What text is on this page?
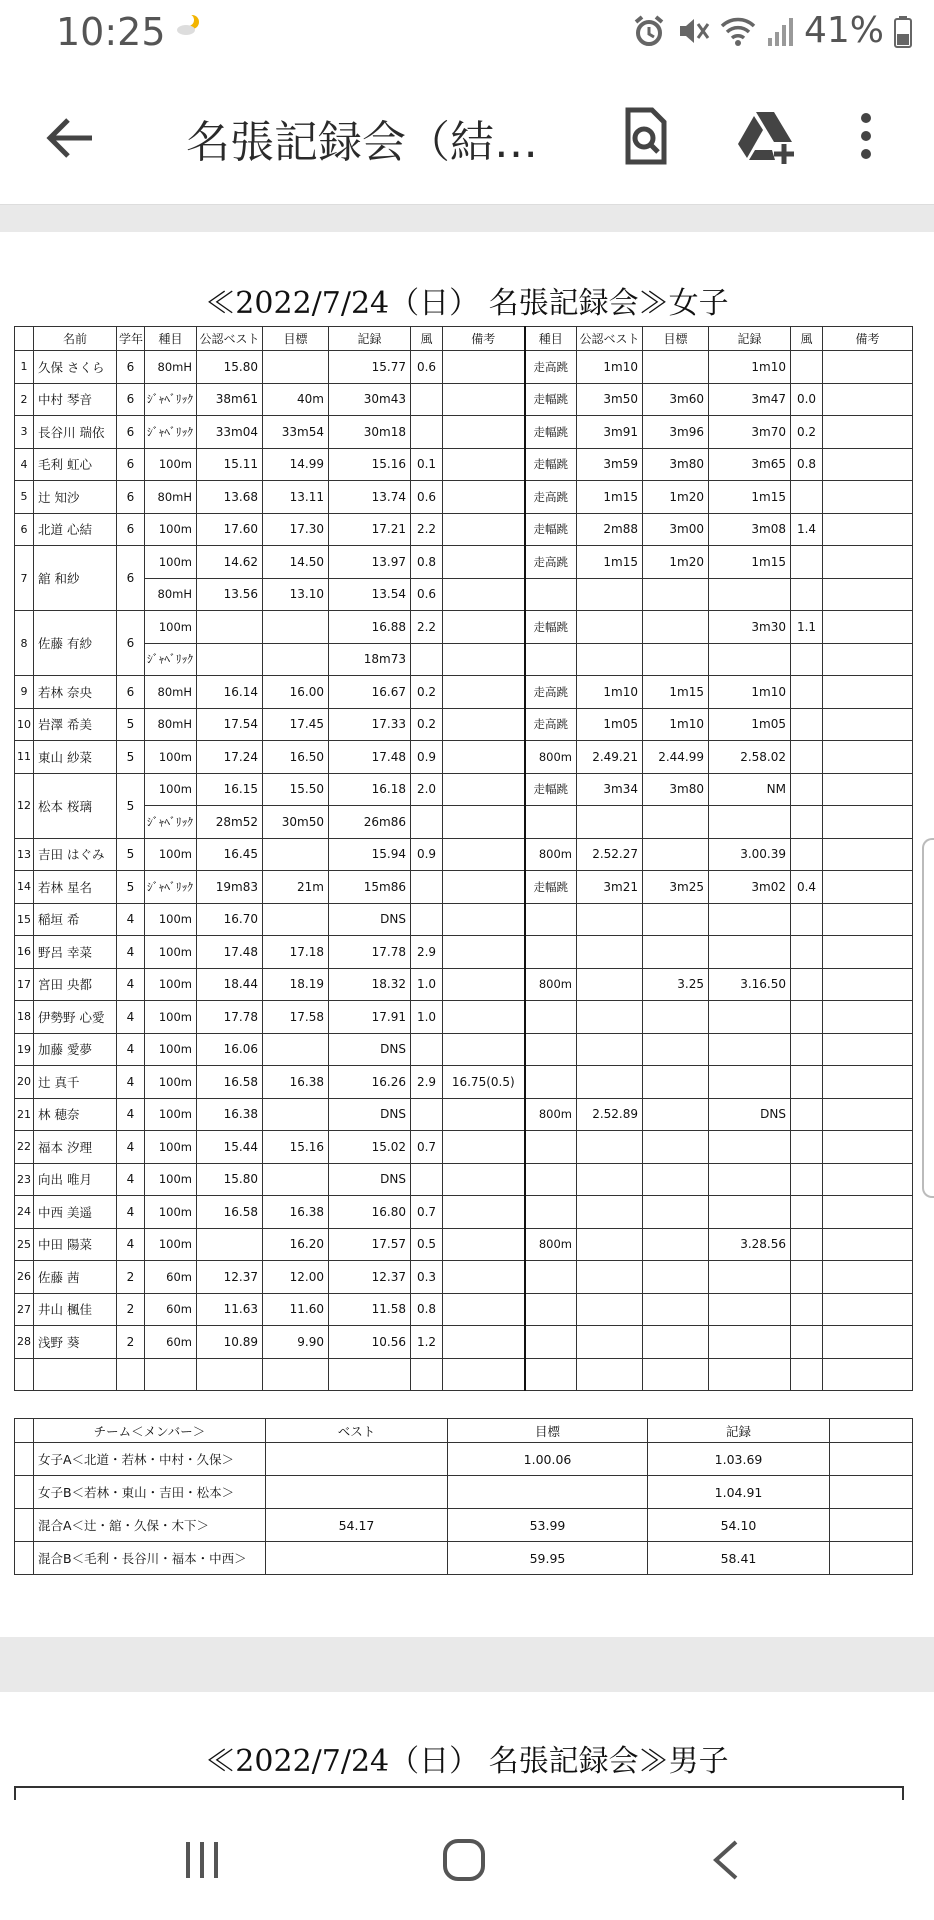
10:25	41%
名張記録会（結…
≪2022/7/24（日） 名張記録会≫女子
	名前	学年	種目	公認ベスト	目標	記録	風	備考	種目	公認ベスト	目標	記録	風	備考
1	久保 さくら	6	80mH	15.80		15.77	0.6		走高跳	1m10		1m10		
2	中村 琴音	6	ｼﾞｬﾍﾞﾘｯｸ	38m61	40m	30m43			走幅跳	3m50	3m60	3m47	0.0	
3	長谷川 瑞依	6	ｼﾞｬﾍﾞﾘｯｸ	33m04	33m54	30m18			走幅跳	3m91	3m96	3m70	0.2	
4	毛利 虹心	6	100m	15.11	14.99	15.16	0.1		走幅跳	3m59	3m80	3m65	0.8	
5	辻 知沙	6	80mH	13.68	13.11	13.74	0.6		走高跳	1m15	1m20	1m15		
6	北道 心結	6	100m	17.60	17.30	17.21	2.2		走幅跳	2m88	3m00	3m08	1.4	
7	舘 和紗	6	100m	14.62	14.50	13.97	0.8		走高跳	1m15	1m20	1m15		
			80mH	13.56	13.10	13.54	0.6							
8	佐藤 有紗	6	100m			16.88	2.2		走幅跳			3m30	1.1	
			ｼﾞｬﾍﾞﾘｯｸ			18m73								
9	若林 奈央	6	80mH	16.14	16.00	16.67	0.2		走高跳	1m10	1m15	1m10		
10	岩澤 希美	5	80mH	17.54	17.45	17.33	0.2		走高跳	1m05	1m10	1m05		
11	東山 紗菜	5	100m	17.24	16.50	17.48	0.9		800m	2.49.21	2.44.99	2.58.02		
12	松本 桜璃	5	100m	16.15	15.50	16.18	2.0		走幅跳	3m34	3m80	NM		
			ｼﾞｬﾍﾞﾘｯｸ	28m52	30m50	26m86								
13	吉田 はぐみ	5	100m	16.45		15.94	0.9		800m	2.52.27		3.00.39		
14	若林 星名	5	ｼﾞｬﾍﾞﾘｯｸ	19m83	21m	15m86			走幅跳	3m21	3m25	3m02	0.4	
15	稲垣 希	4	100m	16.70		DNS								
16	野呂 幸菜	4	100m	17.48	17.18	17.78	2.9							
17	宮田 央都	4	100m	18.44	18.19	18.32	1.0		800m		3.25	3.16.50		
18	伊勢野 心愛	4	100m	17.78	17.58	17.91	1.0							
19	加藤 愛夢	4	100m	16.06		DNS								
20	辻 真千	4	100m	16.58	16.38	16.26	2.9	16.75(0.5)						
21	林 穂奈	4	100m	16.38		DNS			800m	2.52.89		DNS		
22	福本 汐理	4	100m	15.44	15.16	15.02	0.7							
23	向出 唯月	4	100m	15.80		DNS								
24	中西 美遥	4	100m	16.58	16.38	16.80	0.7							
25	中田 陽菜	4	100m		16.20	17.57	0.5		800m			3.28.56		
26	佐藤 茜	2	60m	12.37	12.00	12.37	0.3							
27	井山 楓佳	2	60m	11.63	11.60	11.58	0.8							
28	浅野 葵	2	60m	10.89	9.90	10.56	1.2							

	チーム＜メンバー＞	ベスト	目標	記録	
	女子A＜北道・若林・中村・久保＞		1.00.06	1.03.69	
	女子B＜若林・東山・吉田・松本＞			1.04.91	
	混合A＜辻・舘・久保・木下＞	54.17	53.99	54.10	
	混合B＜毛利・長谷川・福本・中西＞		59.95	58.41	
≪2022/7/24（日） 名張記録会≫男子
